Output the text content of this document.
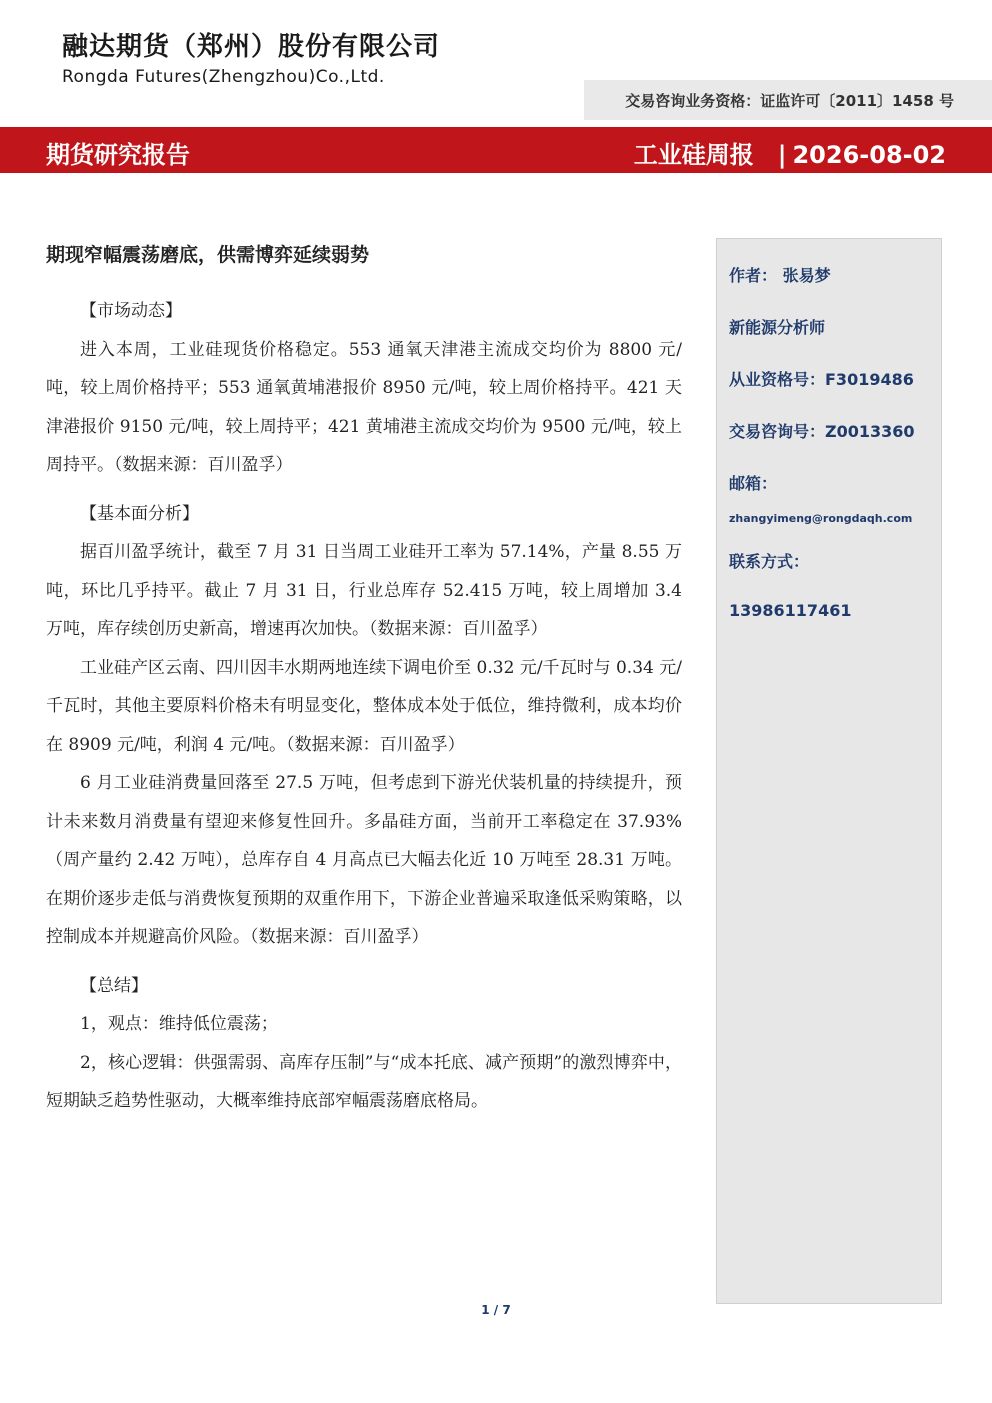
融达期货（郑州）股份有限公司
Rongda Futures(Zhengzhou)Co.,Ltd.
交易咨询业务资格：证监许可〔2011〕1458 号
期货研究报告	工业硅周报 | 2026-08-02
期现窄幅震荡磨底，供需博弈延续弱势

【市场动态】

进入本周，工业硅现货价格稳定。553 通氧天津港主流成交均价为 8800 元/吨，较上周价格持平；553 通氧黄埔港报价 8950 元/吨，较上周价格持平。421 天津港报价 9150 元/吨，较上周持平；421 黄埔港主流成交均价为 9500 元/吨，较上周持平。（数据来源：百川盈孚）

【基本面分析】

据百川盈孚统计，截至 7 月 31 日当周工业硅开工率为 57.14%，产量 8.55 万吨，环比几乎持平。截止 7 月 31 日，行业总库存 52.415 万吨，较上周增加 3.4 万吨，库存续创历史新高，增速再次加快。（数据来源：百川盈孚）

工业硅产区云南、四川因丰水期两地连续下调电价至 0.32 元/千瓦时与 0.34 元/千瓦时，其他主要原料价格未有明显变化，整体成本处于低位，维持微利，成本均价在 8909 元/吨，利润 4 元/吨。（数据来源：百川盈孚）

6 月工业硅消费量回落至 27.5 万吨，但考虑到下游光伏装机量的持续提升，预计未来数月消费量有望迎来修复性回升。多晶硅方面，当前开工率稳定在 37.93%（周产量约 2.42 万吨），总库存自 4 月高点已大幅去化近 10 万吨至 28.31 万吨。在期价逐步走低与消费恢复预期的双重作用下，下游企业普遍采取逢低采购策略，以控制成本并规避高价风险。（数据来源：百川盈孚）

【总结】

1，观点：维持低位震荡；

2，核心逻辑：供强需弱、高库存压制”与“成本托底、减产预期”的激烈博弈中，短期缺乏趋势性驱动，大概率维持底部窄幅震荡磨底格局。

作者： 张易梦
新能源分析师
从业资格号：F3019486
交易咨询号：Z0013360
邮箱：
zhangyimeng@rongdaqh.com
联系方式：
13986117461
1 / 7
